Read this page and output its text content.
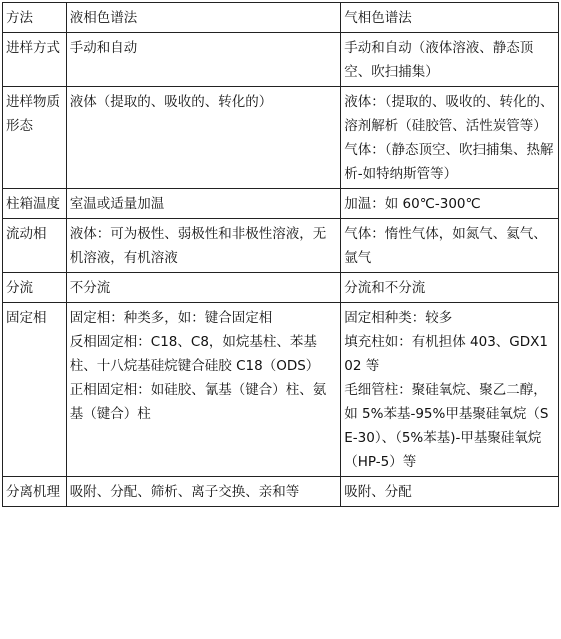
方法	液相色谱法	气相色谱法
进样方式	手动和自动	手动和自动（液体溶液、静态顶空、吹扫捕集）

进样物质形态	液体（提取的、吸收的、转化的）	液体：（提取的、吸收的、转化的、溶剂解析（硅胶管、活性炭管等）
气体：（静态顶空、吹扫捕集、热解析-如特纳斯管等）

柱箱温度	室温或适量加温	加温：如 60℃-300℃

流动相	液体：可为极性、弱极性和非极性溶液，无机溶液，有机溶液	气体：惰性气体，如氮气、氦气、氩气

分流	不分流	分流和不分流

固定相	固定相：种类多，如：键合固定相
反相固定相：C18、C8，如烷基柱、苯基柱、十八烷基硅烷键合硅胶 C18（ODS）
正相固定相：如硅胶、氰基（键合）柱、氨基（键合）柱	固定相种类：较多
填充柱如：有机担体 403、GDX102 等
毛细管柱：聚硅氧烷、聚乙二醇，如 5%苯基-95%甲基聚硅氧烷（SE-30）、（5%苯基)-甲基聚硅氧烷（HP-5）等

分离机理	吸附、分配、筛析、离子交换、亲和等	吸附、分配
